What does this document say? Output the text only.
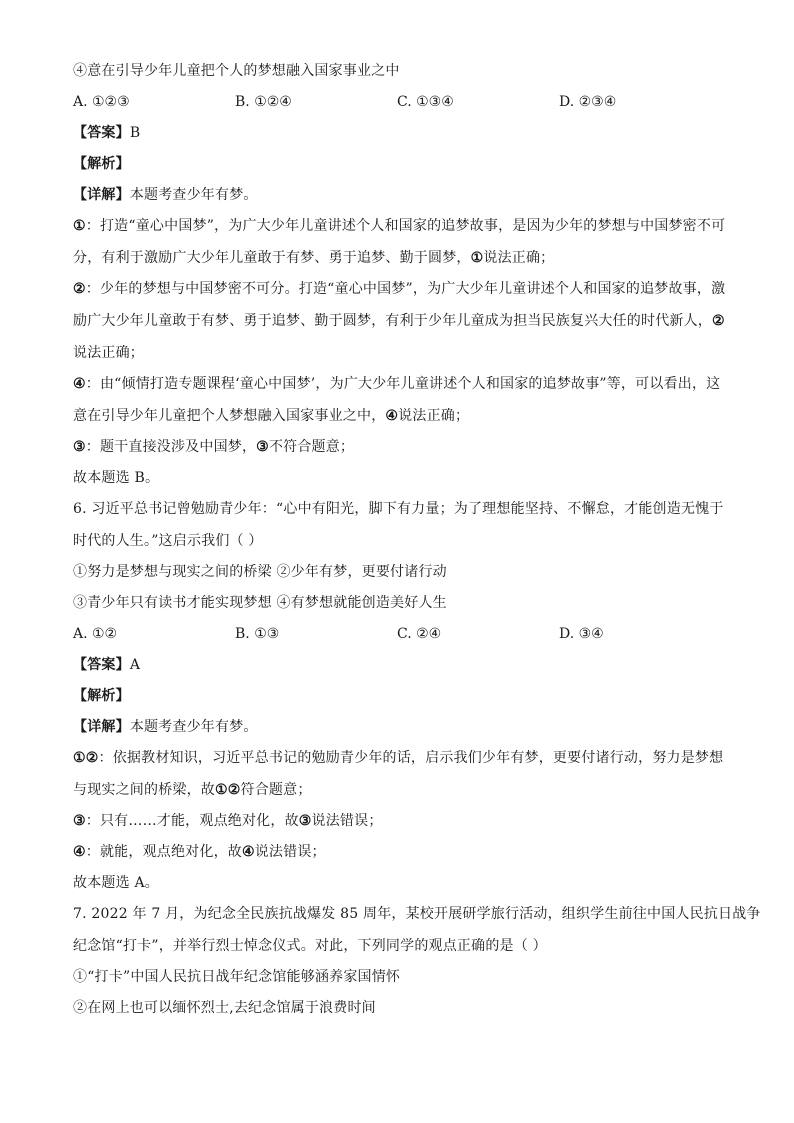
④意在引导少年儿童把个人的梦想融入国家事业之中
A. ①②③	B. ①②④	C. ①③④	D. ②③④
【答案】B
【解析】
【详解】本题考查少年有梦。
①：打造“童心中国梦”，为广大少年儿童讲述个人和国家的追梦故事，是因为少年的梦想与中国梦密不可
分，有利于激励广大少年儿童敢于有梦、勇于追梦、勤于圆梦，①说法正确；
②：少年的梦想与中国梦密不可分。打造“童心中国梦”，为广大少年儿童讲述个人和国家的追梦故事，激
励广大少年儿童敢于有梦、勇于追梦、勤于圆梦，有利于少年儿童成为担当民族复兴大任的时代新人，②
说法正确；
④：由“倾情打造专题课程‘童心中国梦’，为广大少年儿童讲述个人和国家的追梦故事”等，可以看出，这
意在引导少年儿童把个人梦想融入国家事业之中，④说法正确；
③：题干直接没涉及中国梦，③不符合题意；
故本题选 B。
6. 习近平总书记曾勉励青少年：“心中有阳光，脚下有力量；为了理想能坚持、不懈怠，才能创造无愧于
时代的人生。”这启示我们（ ）
①努力是梦想与现实之间的桥梁 ②少年有梦，更要付诸行动
③青少年只有读书才能实现梦想 ④有梦想就能创造美好人生
A. ①②	B. ①③	C. ②④	D. ③④
【答案】A
【解析】
【详解】本题考查少年有梦。
①②：依据教材知识，习近平总书记的勉励青少年的话，启示我们少年有梦，更要付诸行动，努力是梦想
与现实之间的桥梁，故①②符合题意；
③：只有……才能，观点绝对化，故③说法错误；
④：就能，观点绝对化，故④说法错误；
故本题选 A。
7. 2022 年 7 月，为纪念全民族抗战爆发 85 周年，某校开展研学旅行活动，组织学生前往中国人民抗日战争
纪念馆“打卡”，并举行烈士悼念仪式。对此，下列同学的观点正确的是（ ）
①“打卡”中国人民抗日战年纪念馆能够涵养家国情怀
②在网上也可以缅怀烈士,去纪念馆属于浪费时间
